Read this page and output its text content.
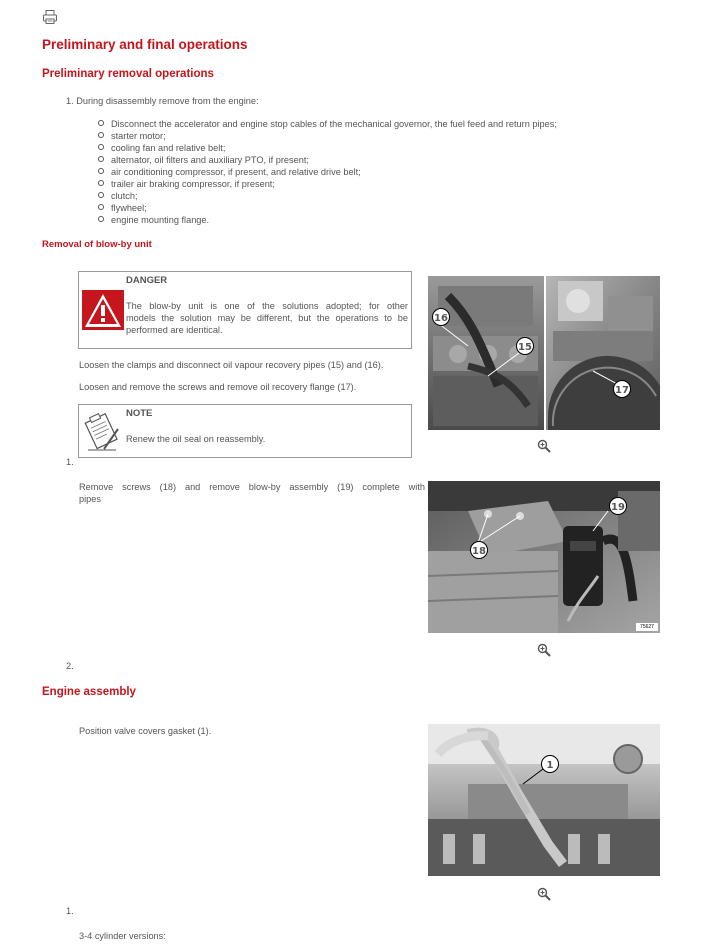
Preliminary and final operations
Preliminary removal operations
1. During disassembly remove from the engine:
Disconnect the accelerator and engine stop cables of the mechanical governor, the fuel feed and return pipes;
starter motor;
cooling fan and relative belt;
alternator, oil filters and auxiliary PTO, if present;
air conditioning compressor, if present, and relative drive belt;
trailer air braking compressor, if present;
clutch;
flywheel;
engine mounting flange.
Removal of blow-by unit
DANGER
The blow-by unit is one of the solutions adopted; for other
models the solution may be different, but the operations to be
performed are identical.
Loosen the clamps and disconnect oil vapour recovery pipes (15) and (16).
Loosen and remove the screws and remove oil recovery flange (17).
NOTE
Renew the oil seal on reassembly.
16
15
17
1.
Remove screws (18) and remove blow-by assembly (19) complete with
pipes
18
19
75627
2.
Engine assembly
Position valve covers gasket (1).
1
1.
3-4 cylinder versions:
